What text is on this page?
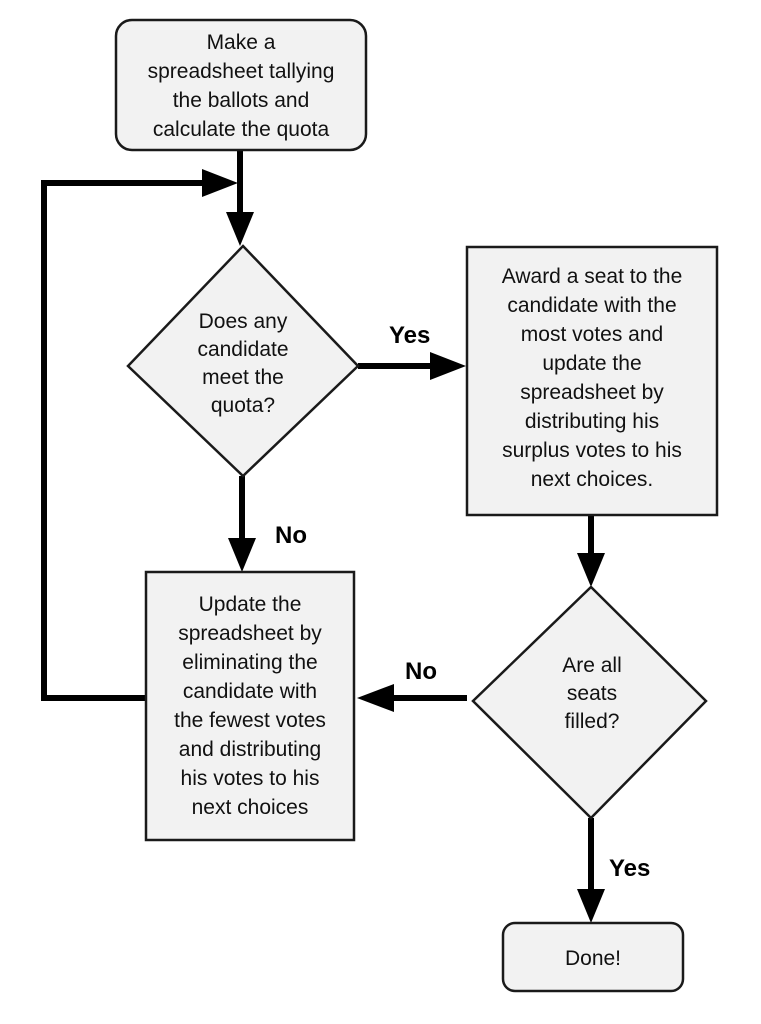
Make a spreadsheet tallying the ballots and calculate the quota
Does any candidate meet the quota?
Award a seat to the candidate with the most votes and update the spreadsheet by distributing his surplus votes to his next choices.
Update the spreadsheet by eliminating the candidate with the fewest votes and distributing his votes to his next choices
Are all seats filled?
Done!
Yes
No
No
Yes
